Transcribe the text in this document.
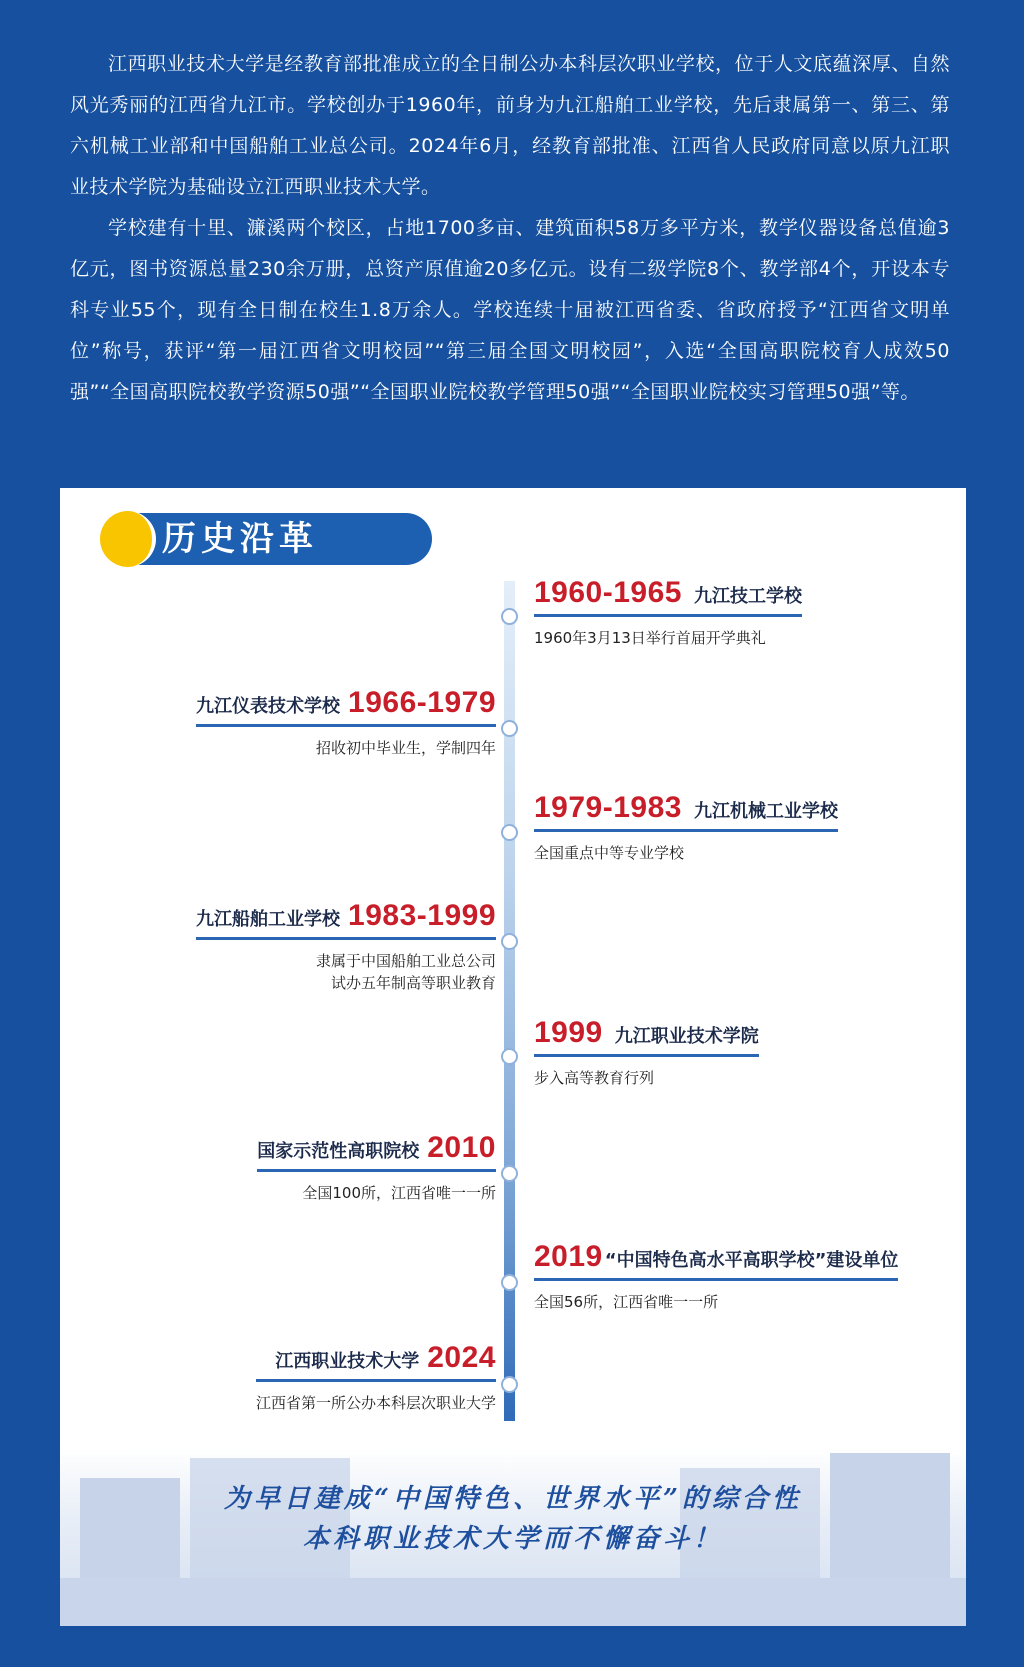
江西职业技术大学是经教育部批准成立的全日制公办本科层次职业学校，位于人文底蕴深厚、自然风光秀丽的江西省九江市。学校创办于1960年，前身为九江船舶工业学校，先后隶属第一、第三、第六机械工业部和中国船舶工业总公司。2024年6月，经教育部批准、江西省人民政府同意以原九江职业技术学院为基础设立江西职业技术大学。

学校建有十里、濂溪两个校区，占地1700多亩、建筑面积58万多平方米，教学仪器设备总值逾3亿元，图书资源总量230余万册，总资产原值逾20多亿元。设有二级学院8个、教学部4个，开设本专科专业55个，现有全日制在校生1.8万余人。学校连续十届被江西省委、省政府授予“江西省文明单位”称号，获评“第一届江西省文明校园”“第三届全国文明校园”，入选“全国高职院校育人成效50强”“全国高职院校教学资源50强”“全国职业院校教学管理50强”“全国职业院校实习管理50强”等。

历史沿革
1960-1965 九江技工学校
1960年3月13日举行首届开学典礼
九江仪表技术学校 1966-1979
招收初中毕业生，学制四年
1979-1983 九江机械工业学校
全国重点中等专业学校
九江船舶工业学校 1983-1999
隶属于中国船舶工业总公司
试办五年制高等职业教育
1999 九江职业技术学院
步入高等教育行列
国家示范性高职院校 2010
全国100所，江西省唯一一所
2019 “中国特色高水平高职学校”建设单位
全国56所，江西省唯一一所
江西职业技术大学 2024
江西省第一所公办本科层次职业大学
为早日建成“中国特色、世界水平”的综合性
本科职业技术大学而不懈奋斗！
